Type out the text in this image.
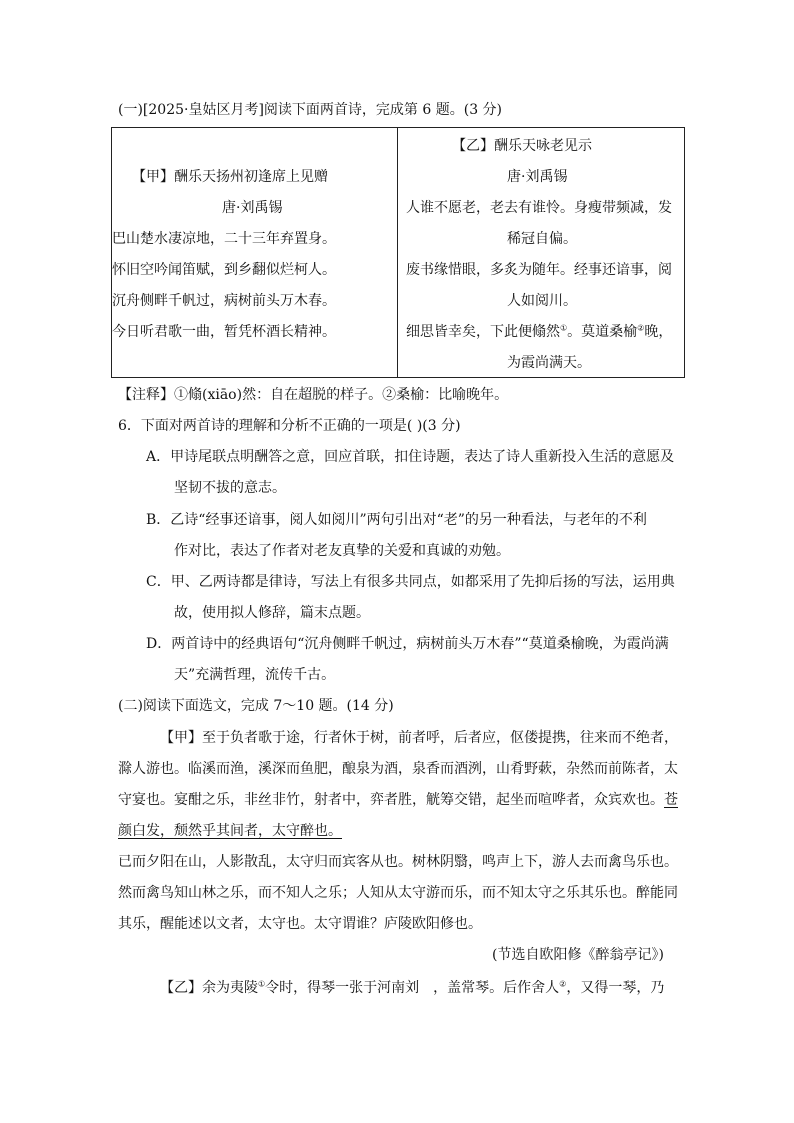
(一)[2025·皇姑区月考]阅读下面两首诗，完成第 6 题。(3 分)
【甲】酬乐天扬州初逢席上见赠
唐·刘禹锡
巴山楚水凄凉地，二十三年弃置身。
怀旧空吟闻笛赋，到乡翻似烂柯人。
沉舟侧畔千帆过，病树前头万木春。
今日听君歌一曲，暂凭杯酒长精神。
【乙】酬乐天咏老见示
唐·刘禹锡
人谁不愿老，老去有谁怜。身瘦带频减，发
稀冠自偏。
废书缘惜眼，多炙为随年。经事还谙事，阅
人如阅川。
细思皆幸矣，下此便翛然①。莫道桑榆②晚，
为霞尚满天。
【注释】①翛(xiāo)然：自在超脱的样子。②桑榆：比喻晚年。
6．下面对两首诗的理解和分析不正确的一项是( )(3 分)
A．甲诗尾联点明酬答之意，回应首联，扣住诗题，表达了诗人重新投入生活的意愿及
坚韧不拔的意志。
B．乙诗“经事还谙事，阅人如阅川”两句引出对“老”的另一种看法，与老年的不利
作对比，表达了作者对老友真挚的关爱和真诚的劝勉。
C．甲、乙两诗都是律诗，写法上有很多共同点，如都采用了先抑后扬的写法，运用典
故，使用拟人修辞，篇末点题。
D．两首诗中的经典语句“沉舟侧畔千帆过，病树前头万木春”“莫道桑榆晚，为霞尚满
天”充满哲理，流传千古。
(二)阅读下面选文，完成 7～10 题。(14 分)
【甲】至于负者歌于途，行者休于树，前者呼，后者应，伛偻提携，往来而不绝者，
滁人游也。临溪而渔，溪深而鱼肥，酿泉为酒，泉香而酒洌，山肴野蔌，杂然而前陈者，太
守宴也。宴酣之乐，非丝非竹，射者中，弈者胜，觥筹交错，起坐而喧哗者，众宾欢也。苍
颜白发，颓然乎其间者，太守醉也。
已而夕阳在山，人影散乱，太守归而宾客从也。树林阴翳，鸣声上下，游人去而禽鸟乐也。
然而禽鸟知山林之乐，而不知人之乐；人知从太守游而乐，而不知太守之乐其乐也。醉能同
其乐，醒能述以文者，太守也。太守谓谁？庐陵欧阳修也。
(节选自欧阳修《醉翁亭记》)
【乙】余为夷陵①令时，得琴一张于河南刘 ，盖常琴。后作舍人②，又得一琴，乃
